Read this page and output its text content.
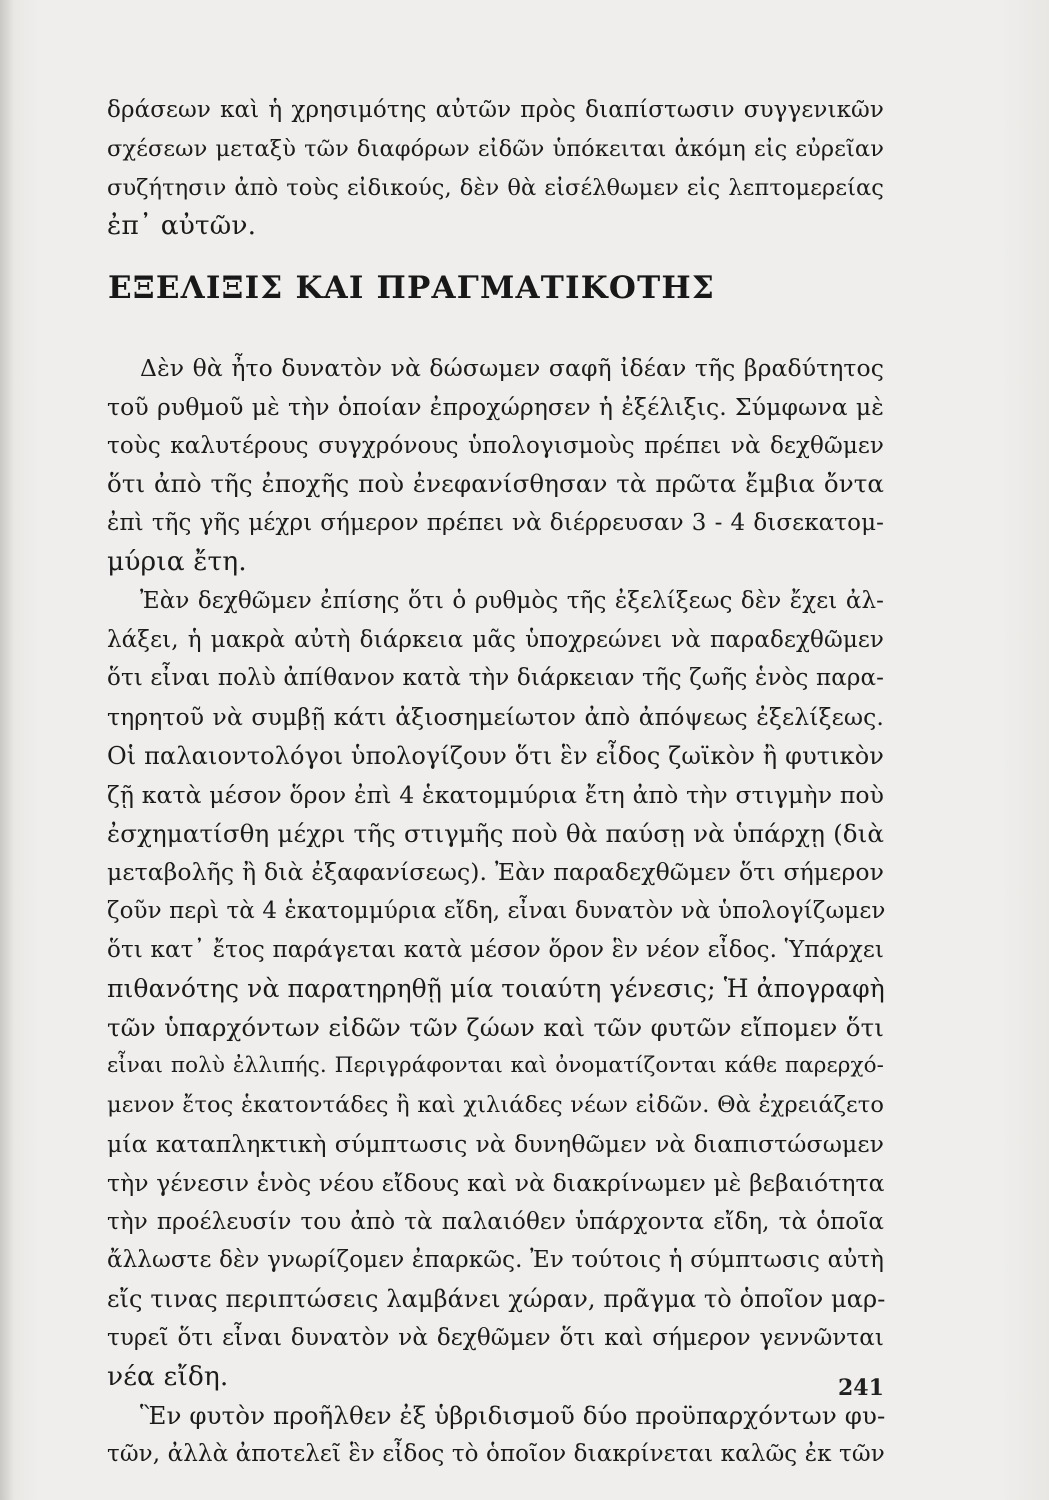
δράσεων καὶ ἡ χρησιμότης αὐτῶν πρὸς διαπίστωσιν συγγενικῶν
σχέσεων μεταξὺ τῶν διαφόρων εἰδῶν ὑπόκειται ἀκόμη εἰς εὐρεῖαν
συζήτησιν ἀπὸ τοὺς εἰδικούς, δὲν θὰ εἰσέλθωμεν εἰς λεπτομερείας
ἐπ᾽ αὐτῶν.
ΕΞΕΛΙΞΙΣ ΚΑΙ ΠΡΑΓΜΑΤΙΚΟΤΗΣ
Δὲν θὰ ἦτο δυνατὸν νὰ δώσωμεν σαφῆ ἰδέαν τῆς βραδύτητος
τοῦ ρυθμοῦ μὲ τὴν ὁποίαν ἐπροχώρησεν ἡ ἐξέλιξις. Σύμφωνα μὲ
τοὺς καλυτέρους συγχρόνους ὑπολογισμοὺς πρέπει νὰ δεχθῶμεν
ὅτι ἀπὸ τῆς ἐποχῆς ποὺ ἐνεφανίσθησαν τὰ πρῶτα ἔμβια ὄντα
ἐπὶ τῆς γῆς μέχρι σήμερον πρέπει νὰ διέρρευσαν 3 - 4 δισεκατομ-
μύρια ἔτη.
Ἐὰν δεχθῶμεν ἐπίσης ὅτι ὁ ρυθμὸς τῆς ἐξελίξεως δὲν ἔχει ἀλ-
λάξει, ἡ μακρὰ αὐτὴ διάρκεια μᾶς ὑποχρεώνει νὰ παραδεχθῶμεν
ὅτι εἶναι πολὺ ἀπίθανον κατὰ τὴν διάρκειαν τῆς ζωῆς ἑνὸς παρα-
τηρητοῦ νὰ συμβῇ κάτι ἀξιοσημείωτον ἀπὸ ἀπόψεως ἐξελίξεως.
Οἱ παλαιοντολόγοι ὑπολογίζουν ὅτι ἓν εἶδος ζωϊκὸν ἢ φυτικὸν
ζῇ κατὰ μέσον ὅρον ἐπὶ 4 ἑκατομμύρια ἔτη ἀπὸ τὴν στιγμὴν ποὺ
ἐσχηματίσθη μέχρι τῆς στιγμῆς ποὺ θὰ παύσῃ νὰ ὑπάρχῃ (διὰ
μεταβολῆς ἢ διὰ ἐξαφανίσεως). Ἐὰν παραδεχθῶμεν ὅτι σήμερον
ζοῦν περὶ τὰ 4 ἑκατομμύρια εἴδη, εἶναι δυνατὸν νὰ ὑπολογίζωμεν
ὅτι κατ᾽ ἔτος παράγεται κατὰ μέσον ὅρον ἓν νέον εἶδος. Ὑπάρχει
πιθανότης νὰ παρατηρηθῇ μία τοιαύτη γένεσις; Ἡ ἀπογραφὴ
τῶν ὑπαρχόντων εἰδῶν τῶν ζώων καὶ τῶν φυτῶν εἴπομεν ὅτι
εἶναι πολὺ ἐλλιπής. Περιγράφονται καὶ ὀνοματίζονται κάθε παρερχό-
μενον ἔτος ἑκατοντάδες ἢ καὶ χιλιάδες νέων εἰδῶν. Θὰ ἐχρειάζετο
μία καταπληκτικὴ σύμπτωσις νὰ δυνηθῶμεν νὰ διαπιστώσωμεν
τὴν γένεσιν ἑνὸς νέου εἴδους καὶ νὰ διακρίνωμεν μὲ βεβαιότητα
τὴν προέλευσίν του ἀπὸ τὰ παλαιόθεν ὑπάρχοντα εἴδη, τὰ ὁποῖα
ἄλλωστε δὲν γνωρίζομεν ἐπαρκῶς. Ἐν τούτοις ἡ σύμπτωσις αὐτὴ
εἴς τινας περιπτώσεις λαμβάνει χώραν, πρᾶγμα τὸ ὁποῖον μαρ-
τυρεῖ ὅτι εἶναι δυνατὸν νὰ δεχθῶμεν ὅτι καὶ σήμερον γεννῶνται
νέα εἴδη.
Ἓν φυτὸν προῆλθεν ἐξ ὑβριδισμοῦ δύο προϋπαρχόντων φυ-
τῶν, ἀλλὰ ἀποτελεῖ ἓν εἶδος τὸ ὁποῖον διακρίνεται καλῶς ἐκ τῶν
241
